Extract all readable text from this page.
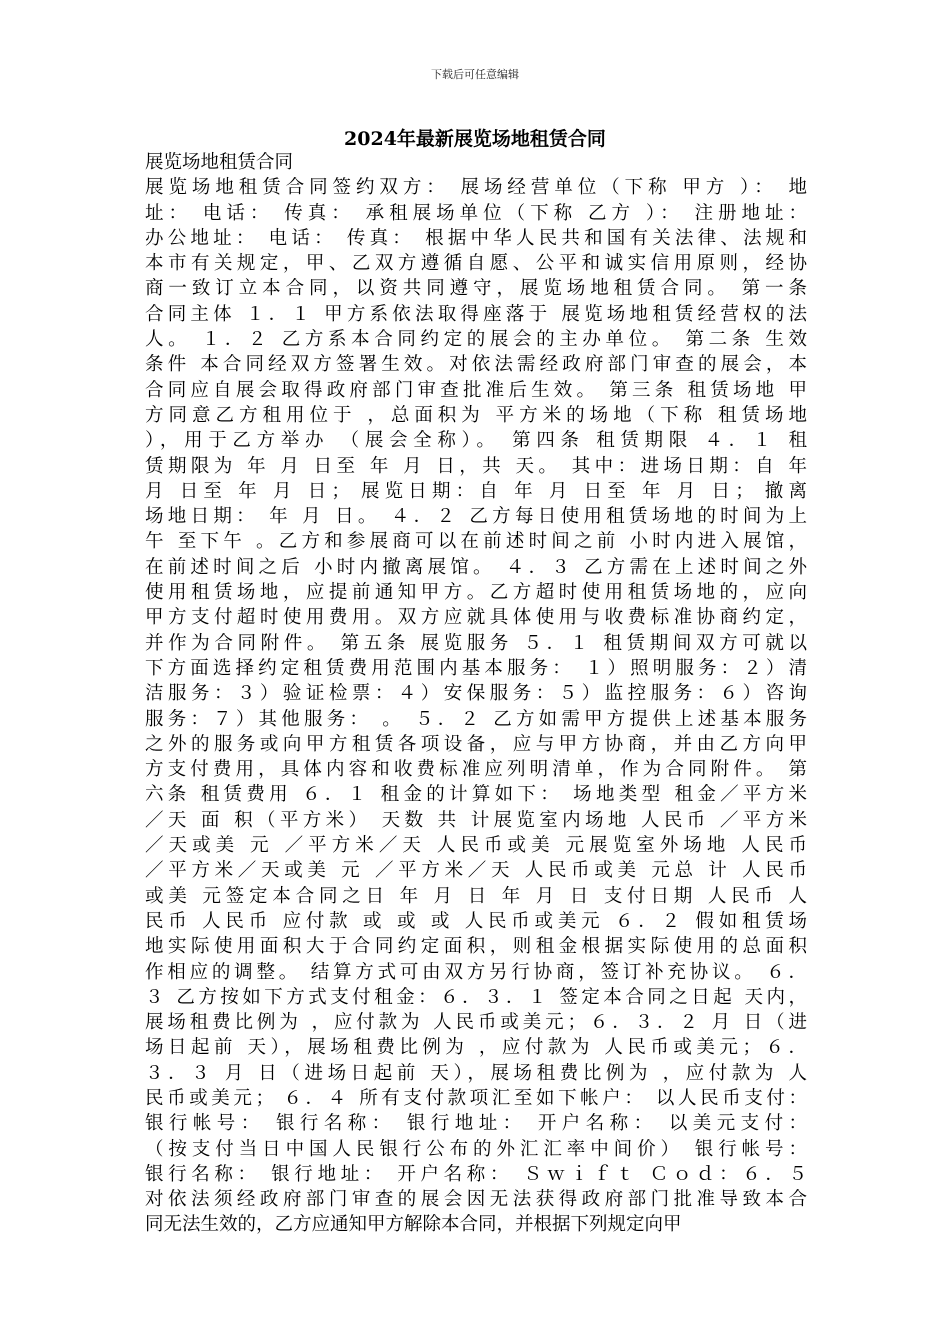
下载后可任意编辑
2024年最新展览场地租赁合同
展览场地租赁合同
展览场地租赁合同签约双方： 展场经营单位（下称 甲方 ）： 地
址： 电话： 传真： 承租展场单位（下称 乙方 ）： 注册地址：
办公地址： 电话： 传真： 根据中华人民共和国有关法律、法规和
本市有关规定，甲、乙双方遵循自愿、公平和诚实信用原则，经协
商一致订立本合同，以资共同遵守，展览场地租赁合同。 第一条
合同主体 １．１ 甲方系依法取得座落于 展览场地租赁经营权的法
人。 １．２ 乙方系本合同约定的展会的主办单位。 第二条 生效
条件 本合同经双方签署生效。对依法需经政府部门审查的展会，本
合同应自展会取得政府部门审查批准后生效。 第三条 租赁场地 甲
方同意乙方租用位于 ，总面积为 平方米的场地（下称 租赁场地
），用于乙方举办 （展会全称）。 第四条 租赁期限 ４．１ 租
赁期限为 年 月 日至 年 月 日，共 天。 其中：进场日期：自 年
月 日至 年 月 日； 展览日期：自 年 月 日至 年 月 日； 撤离
场地日期： 年 月 日。 ４．２ 乙方每日使用租赁场地的时间为上
午 至下午 。乙方和参展商可以在前述时间之前 小时内进入展馆，
在前述时间之后 小时内撤离展馆。 ４．３ 乙方需在上述时间之外
使用租赁场地，应提前通知甲方。乙方超时使用租赁场地的，应向
甲方支付超时使用费用。双方应就具体使用与收费标准协商约定，
并作为合同附件。 第五条 展览服务 ５．１ 租赁期间双方可就以
下方面选择约定租赁费用范围内基本服务： １）照明服务：２）清
洁服务：３）验证检票：４）安保服务：５）监控服务：６）咨询
服务：７）其他服务： 。 ５．２ 乙方如需甲方提供上述基本服务
之外的服务或向甲方租赁各项设备，应与甲方协商，并由乙方向甲
方支付费用，具体内容和收费标准应列明清单，作为合同附件。 第
六条 租赁费用 ６．１ 租金的计算如下： 场地类型 租金／平方米
／天 面 积（平方米） 天数 共 计展览室内场地 人民币 ／平方米
／天或美 元 ／平方米／天 人民币或美 元展览室外场地 人民币
／平方米／天或美 元 ／平方米／天 人民币或美 元总 计 人民币
或美 元签定本合同之日 年 月 日 年 月 日 支付日期 人民币 人
民币 人民币 应付款 或 或 或 人民币或美元 ６．２ 假如租赁场
地实际使用面积大于合同约定面积，则租金根据实际使用的总面积
作相应的调整。 结算方式可由双方另行协商，签订补充协议。 ６．
３ 乙方按如下方式支付租金：６．３．１ 签定本合同之日起 天内，
展场租费比例为 ，应付款为 人民币或美元；６．３．２ 月 日（进
场日起前 天），展场租费比例为 ，应付款为 人民币或美元；６．
３．３ 月 日（进场日起前 天），展场租费比例为 ，应付款为 人
民币或美元； ６．４ 所有支付款项汇至如下帐户： 以人民币支付：
银行帐号： 银行名称： 银行地址： 开户名称： 以美元支付：
（按支付当日中国人民银行公布的外汇汇率中间价） 银行帐号：
银行名称： 银行地址： 开户名称： Ｓｗｉｆｔ Ｃｏｄ：６．５
对依法须经政府部门审查的展会因无法获得政府部门批准导致本合
同无法生效的，乙方应通知甲方解除本合同，并根据下列规定向甲
